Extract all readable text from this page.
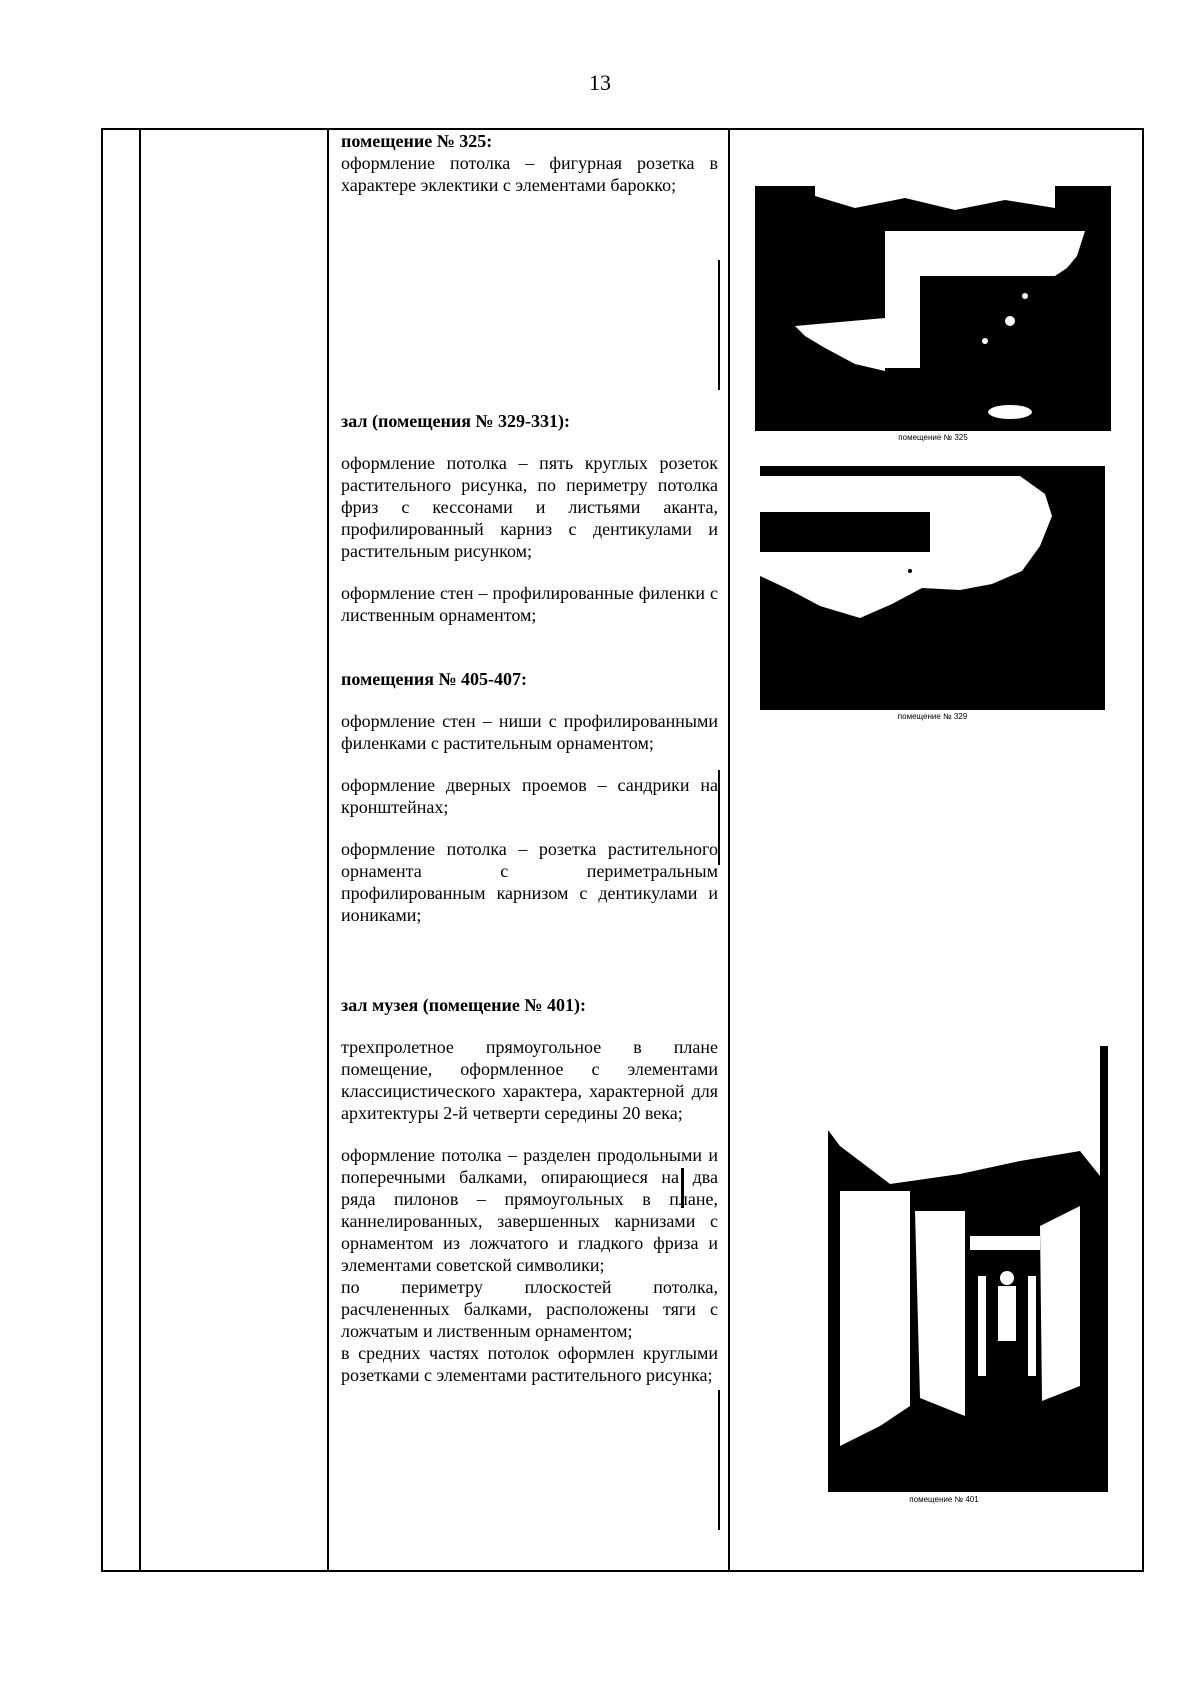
13

помещение № 325:

оформление потолка – фигурная розетка в характере эклектики с элементами барокко;

зал (помещения № 329-331):

оформление потолка – пять круглых розеток растительного рисунка, по периметру потолка фриз с кессонами и листьями аканта, профилированный карниз с дентикулами и растительным рисунком;

оформление стен – профилированные филенки с лиственным орнаментом;

помещения № 405-407:

оформление стен – ниши с профилированными филенками с растительным орнаментом;

оформление дверных проемов – сандрики на кронштейнах;

оформление потолка – розетка растительного орнамента с периметральным профилированным карнизом с дентикулами и иониками;

зал музея (помещение № 401):

трехпролетное прямоугольное в плане помещение, оформленное с элементами классицистического характера, характерной для архитектуры 2-й четверти середины 20 века;

оформление потолка – разделен продольными и поперечными балками, опирающиеся на два ряда пилонов – прямоугольных в плане, каннелированных, завершенных карнизами с орнаментом из ложчатого и гладкого фриза и элементами советской символики;
по периметру плоскостей потолка, расчлененных балками, расположены тяги с ложчатым и лиственным орнаментом;
в средних частях потолок оформлен круглыми розетками с элементами растительного рисунка;

помещение № 325
помещение № 329
помещение № 401
